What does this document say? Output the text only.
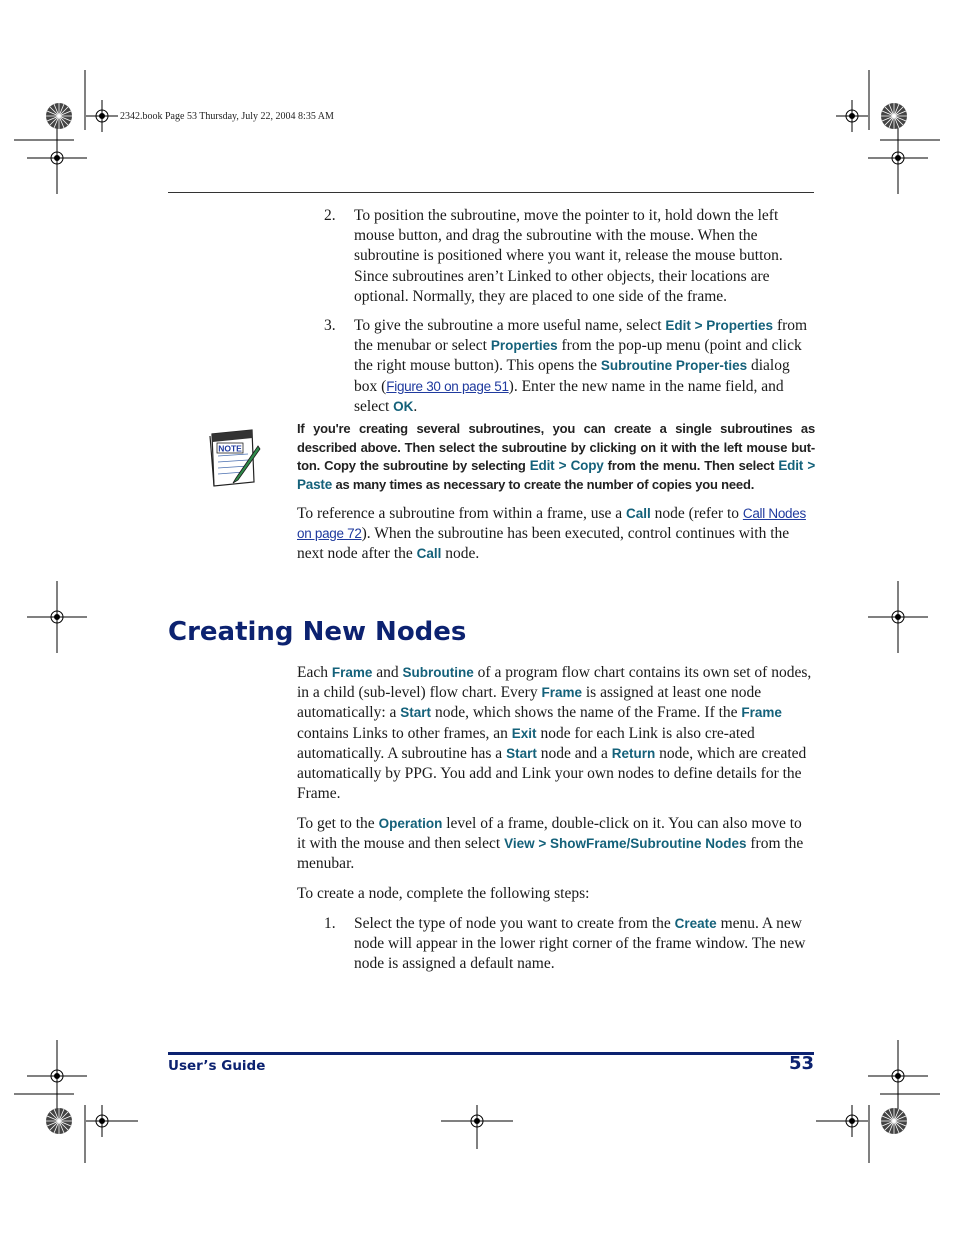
2342.book Page 53 Thursday, July 22, 2004 8:35 AM
2. To position the subroutine, move the pointer to it, hold down the left mouse button, and drag the subroutine with the mouse. When the subroutine is positioned where you want it, release the mouse button. Since subroutines aren’t Linked to other objects, their locations are optional. Normally, they are placed to one side of the frame.
3. To give the subroutine a more useful name, select Edit > Properties from the menubar or select Properties from the pop-up menu (point and click the right mouse button). This opens the Subroutine Proper-ties dialog box (Figure 30 on page 51). Enter the new name in the name field, and select OK.
NOTE
If you're creating several subroutines, you can create a single subroutines as described above. Then select the subroutine by clicking on it with the left mouse but-ton. Copy the subroutine by selecting Edit > Copy from the menu. Then select Edit > Paste as many times as necessary to create the number of copies you need.
To reference a subroutine from within a frame, use a Call node (refer to Call Nodes on page 72). When the subroutine has been executed, control continues with the next node after the Call node.
Creating New Nodes
Each Frame and Subroutine of a program flow chart contains its own set of nodes, in a child (sub-level) flow chart. Every Frame is assigned at least one node automatically: a Start node, which shows the name of the Frame. If the Frame contains Links to other frames, an Exit node for each Link is also cre-ated automatically. A subroutine has a Start node and a Return node, which are created automatically by PPG. You add and Link your own nodes to define details for the Frame.
To get to the Operation level of a frame, double-click on it. You can also move to it with the mouse and then select View > ShowFrame/Subroutine Nodes from the menubar.
To create a node, complete the following steps:
1. Select the type of node you want to create from the Create menu. A new node will appear in the lower right corner of the frame window. The new node is assigned a default name.
User’s Guide	53
